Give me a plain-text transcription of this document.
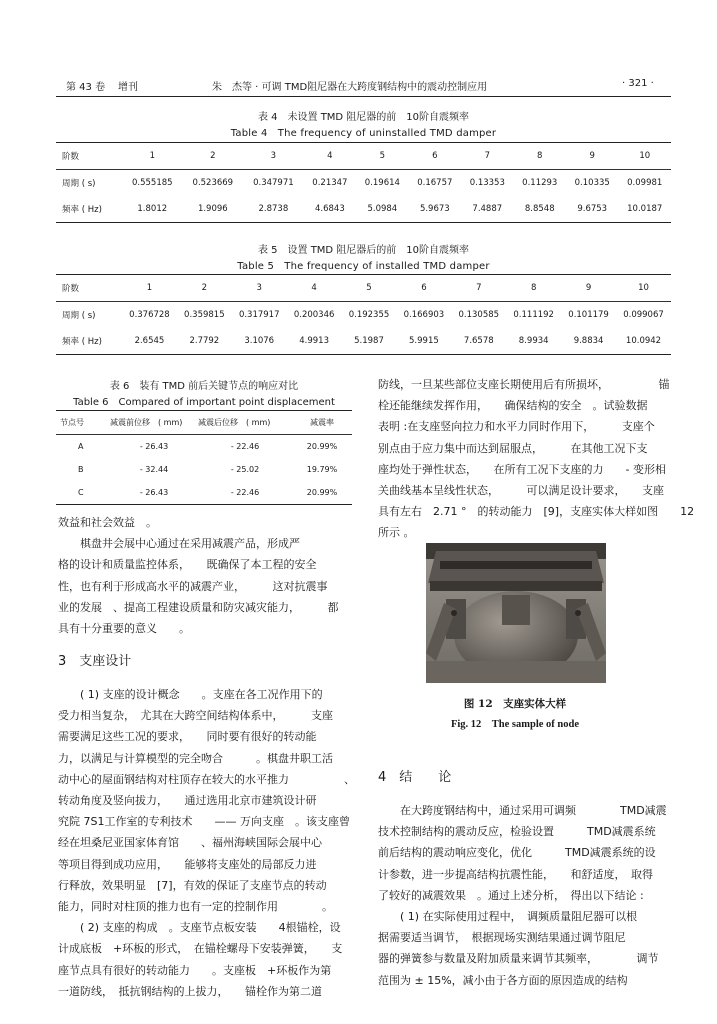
第 43 卷 增刊	朱　杰等 · 可调 TMD阻尼器在大跨度钢结构中的震动控制应用	· 321 ·
表 4　未设置 TMD 阻尼器的前　10阶自震频率
Table 4　The frequency of uninstalled TMD damper
阶数	1	2	3	4	5	6	7	8	9	10
周期 ( s)	0.555185	0.523669	0.347971	0.21347	0.19614	0.16757	0.13353	0.11293	0.10335	0.09981
频率 ( Hz)	1.8012	1.9096	2.8738	4.6843	5.0984	5.9673	7.4887	8.8548	9.6753	10.0187
表 5　设置 TMD 阻尼器后的前　10阶自震频率
Table 5　The frequency of installed TMD damper
阶数	1	2	3	4	5	6	7	8	9	10
周期 ( s)	0.376728	0.359815	0.317917	0.200346	0.192355	0.166903	0.130585	0.111192	0.101179	0.099067
频率 ( Hz)	2.6545	2.7792	3.1076	4.9913	5.1987	5.9915	7.6578	8.9934	9.8834	10.0942
表 6　装有 TMD 前后关键节点的响应对比
Table 6　Compared of important point displacement
节点号	减震前位移　( mm)	减震后位移　( mm)	减震率
A	- 26.43	- 22.46	20.99%
B	- 32.44	- 25.02	19.79%
C	- 26.43	- 22.46	20.99%

效益和社会效益　。

　　棋盘井会展中心通过在采用减震产品，形成严

格的设计和质量监控体系，　　既确保了本工程的安全

性，也有利于形成高水平的减震产业，　　　这对抗震事

业的发展　、提高工程建设质量和防灾减灾能力，　　　都

具有十分重要的意义　　。

3　支座设计

　　( 1) 支座的设计概念　　。支座在各工况作用下的

受力相当复杂，　尤其在大跨空间结构体系中，　　　支座

需要满足这些工况的要求，　　同时要有很好的转动能

力，以满足与计算模型的完全吻合　　　。棋盘井职工活

动中心的屋面钢结构对柱顶存在较大的水平推力　　　　　、

转动角度及竖向拔力，　　通过选用北京市建筑设计研

究院 7S1工作室的专利技术　　—— 万向支座　。该支座曾

经在坦桑尼亚国家体育馆　　、福州海峡国际会展中心

等项目得到成功应用，　　能够将支座处的局部反力进

行释放，效果明显　[7]，有效的保证了支座节点的转动

能力，同时对柱顶的推力也有一定的控制作用　　　　。

　　( 2) 支座的构成　。支座节点板安装　　4根锚栓，设

计成底板　+环板的形式，　在锚栓螺母下安装弹簧，　　支

座节点具有很好的转动能力　　。支座板　+环板作为第

一道防线，　抵抗钢结构的上拔力，　　锚栓作为第二道

防线，一旦某些部位支座长期使用后有所损坏，　　　　　锚

栓还能继续发挥作用，　　确保结构的安全　。试验数据

表明 :在支座竖向拉力和水平力同时作用下，　　　支座个

别点由于应力集中而达到屈服点，　　　在其他工况下支

座均处于弹性状态，　　在所有工况下支座的力　　- 变形相

关曲线基本呈线性状态，　　　可以满足设计要求，　　支座

具有左右　2.71 °　的转动能力　[9]，支座实体大样如图　　12

所示 。

图 12　支座实体大样
Fig. 12　The sample of node
4　结　　论

　　在大跨度钢结构中，通过采用可调频　　　　TMD减震

技术控制结构的震动反应，检验设置　　　TMD减震系统

前后结构的震动响应变化，优化　　　TMD减震系统的设

计参数，进一步提高结构抗震性能，　　和舒适度，　取得

了较好的减震效果　。通过上述分析，　得出以下结论 :

　　( 1) 在实际使用过程中，　调频质量阻尼器可以根

据需要适当调节，　根据现场实测结果通过调节阻尼

器的弹簧参与数量及附加质量来调节其频率，　　　　调节

范围为 ± 15%，减小由于各方面的原因造成的结构
